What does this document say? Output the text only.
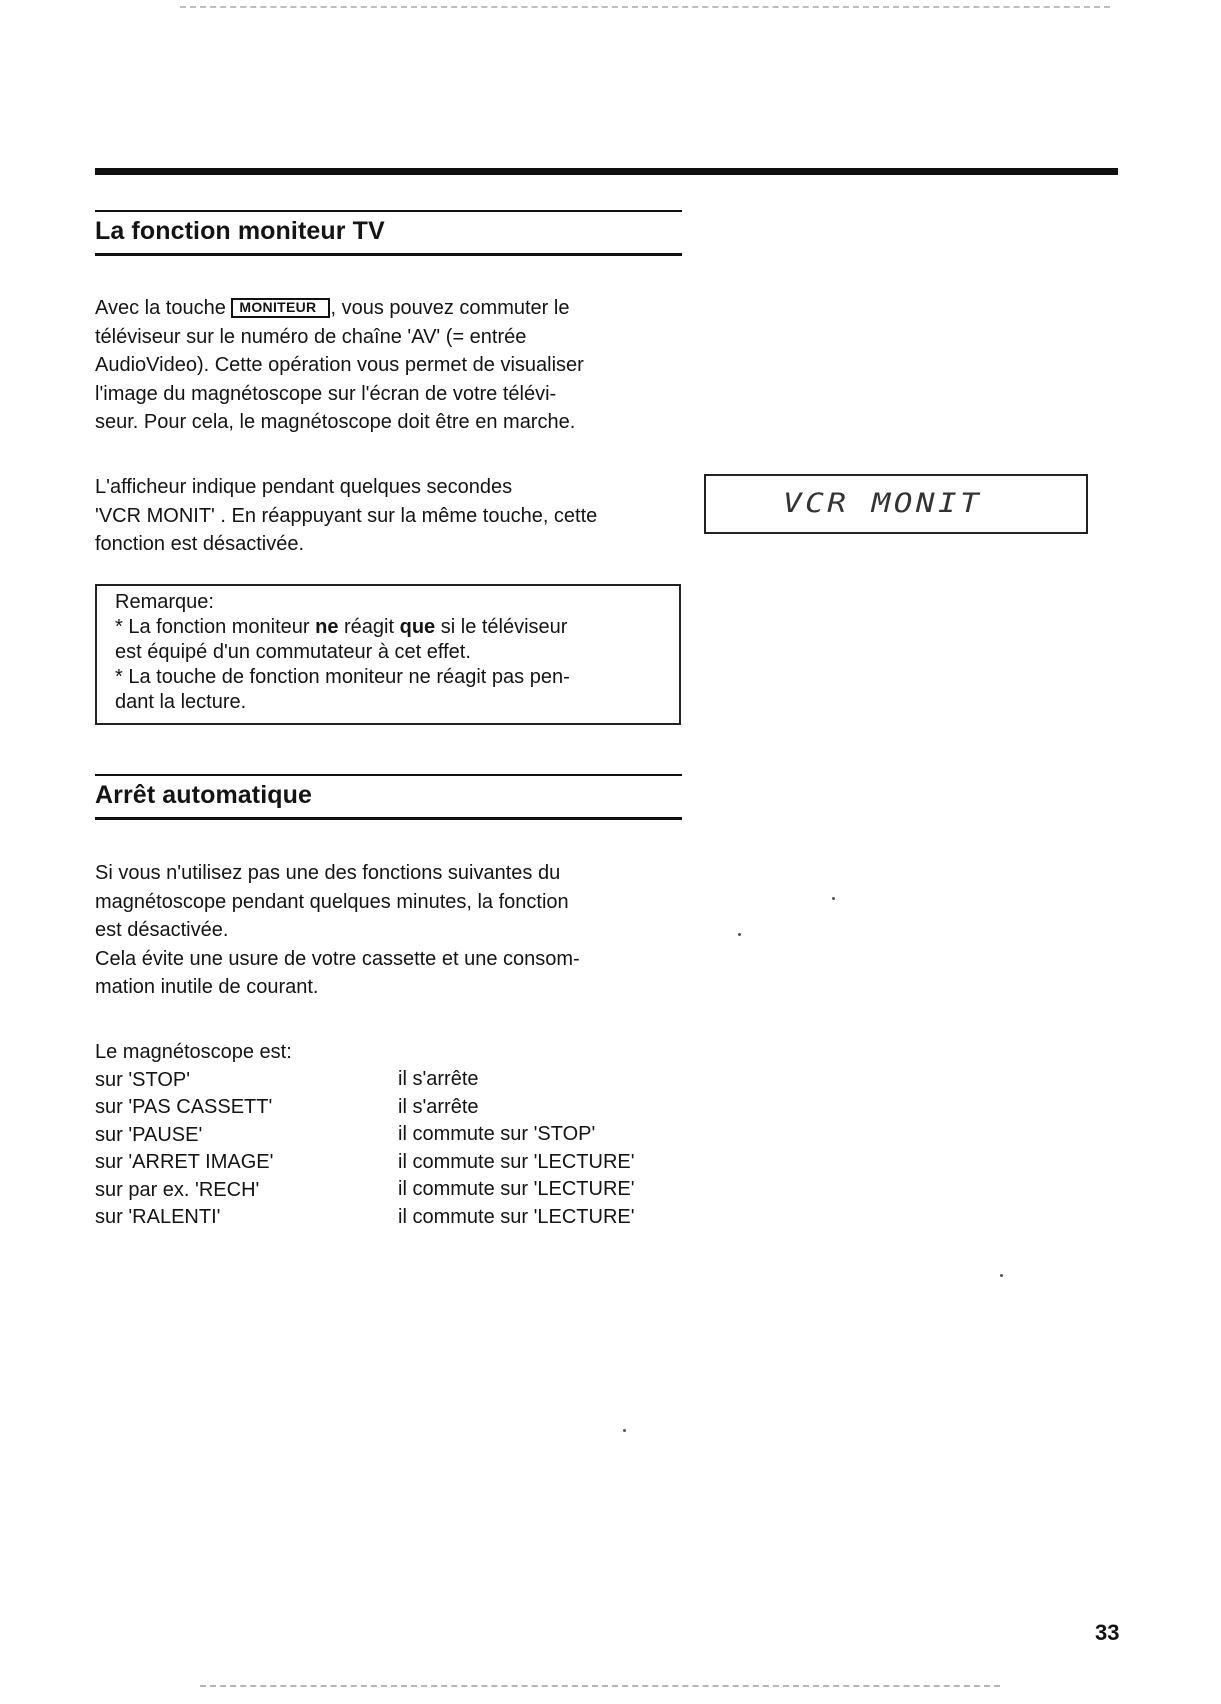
La fonction moniteur TV
Avec la touche MONITEUR , vous pouvez commuter le
téléviseur sur le numéro de chaîne 'AV' (= entrée
AudioVideo). Cette opération vous permet de visualiser
l'image du magnétoscope sur l'écran de votre télévi-
seur. Pour cela, le magnétoscope doit être en marche.
L'afficheur indique pendant quelques secondes
'VCR MONIT' . En réappuyant sur la même touche, cette
fonction est désactivée.
VCR MONIT
Remarque:
* La fonction moniteur ne réagit que si le téléviseur
est équipé d'un commutateur à cet effet.
* La touche de fonction moniteur ne réagit pas pen-
dant la lecture.
Arrêt automatique
Si vous n'utilisez pas une des fonctions suivantes du
magnétoscope pendant quelques minutes, la fonction
est désactivée.
Cela évite une usure de votre cassette et une consom-
mation inutile de courant.
Le magnétoscope est:
sur 'STOP'
sur 'PAS CASSETT'
sur 'PAUSE'
sur 'ARRET IMAGE'
sur par ex. 'RECH'
sur 'RALENTI'
il s'arrête
il s'arrête
il commute sur 'STOP'
il commute sur 'LECTURE'
il commute sur 'LECTURE'
il commute sur 'LECTURE'
33
